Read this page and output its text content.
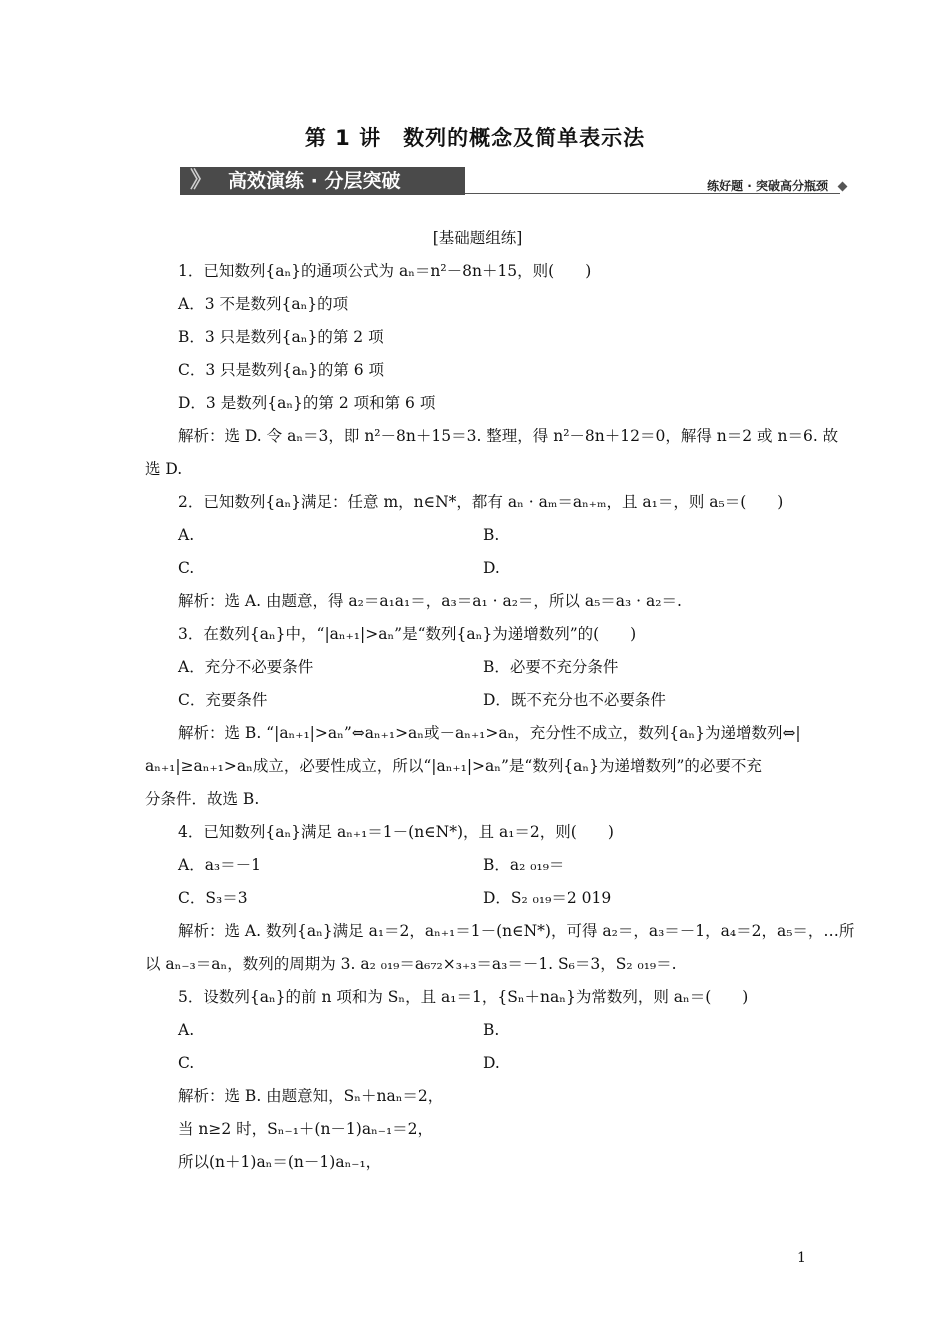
第 1 讲　数列的概念及简单表示法
》 高效演练 · 分层突破	练好题 · 突破高分瓶颈
[基础题组练]
1．已知数列{aₙ}的通项公式为 aₙ＝n²－8n＋15，则(　　)
A．3 不是数列{aₙ}的项
B．3 只是数列{aₙ}的第 2 项
C．3 只是数列{aₙ}的第 6 项
D．3 是数列{aₙ}的第 2 项和第 6 项
解析：选 D. 令 aₙ＝3，即 n²－8n＋15＝3. 整理，得 n²－8n＋12＝0，解得 n＝2 或 n＝6. 故
选 D.
2．已知数列{aₙ}满足：任意 m，n∈N*，都有 aₙ · aₘ＝aₙ₊ₘ，且 a₁＝，则 a₅＝(　　)
A.	B.
C.	D.
解析：选 A. 由题意，得 a₂＝a₁a₁＝，a₃＝a₁ · a₂＝，所以 a₅＝a₃ · a₂＝.
3．在数列{aₙ}中，“|aₙ₊₁|>aₙ”是“数列{aₙ}为递增数列”的(　　)
A．充分不必要条件	B．必要不充分条件
C．充要条件	D．既不充分也不必要条件
解析：选 B. “|aₙ₊₁|>aₙ”⇔aₙ₊₁>aₙ或－aₙ₊₁>aₙ，充分性不成立，数列{aₙ}为递增数列⇔|
aₙ₊₁|≥aₙ₊₁>aₙ成立，必要性成立，所以“|aₙ₊₁|>aₙ”是“数列{aₙ}为递增数列”的必要不充
分条件．故选 B.
4．已知数列{aₙ}满足 aₙ₊₁＝1－(n∈N*)，且 a₁＝2，则(　　)
A．a₃＝－1	B．a₂ ₀₁₉＝
C．S₃＝3	D．S₂ ₀₁₉＝2 019
解析：选 A. 数列{aₙ}满足 a₁＝2，aₙ₊₁＝1－(n∈N*)，可得 a₂＝，a₃＝－1，a₄＝2，a₅＝，…所
以 aₙ₋₃＝aₙ，数列的周期为 3. a₂ ₀₁₉＝a₆₇₂×₃₊₃＝a₃＝－1. S₆＝3，S₂ ₀₁₉＝.
5．设数列{aₙ}的前 n 项和为 Sₙ，且 a₁＝1，{Sₙ＋naₙ}为常数列，则 aₙ＝(　　)
A.	B.
C.	D.
解析：选 B. 由题意知，Sₙ＋naₙ＝2，
当 n≥2 时，Sₙ₋₁＋(n－1)aₙ₋₁＝2，
所以(n＋1)aₙ＝(n－1)aₙ₋₁，
1
